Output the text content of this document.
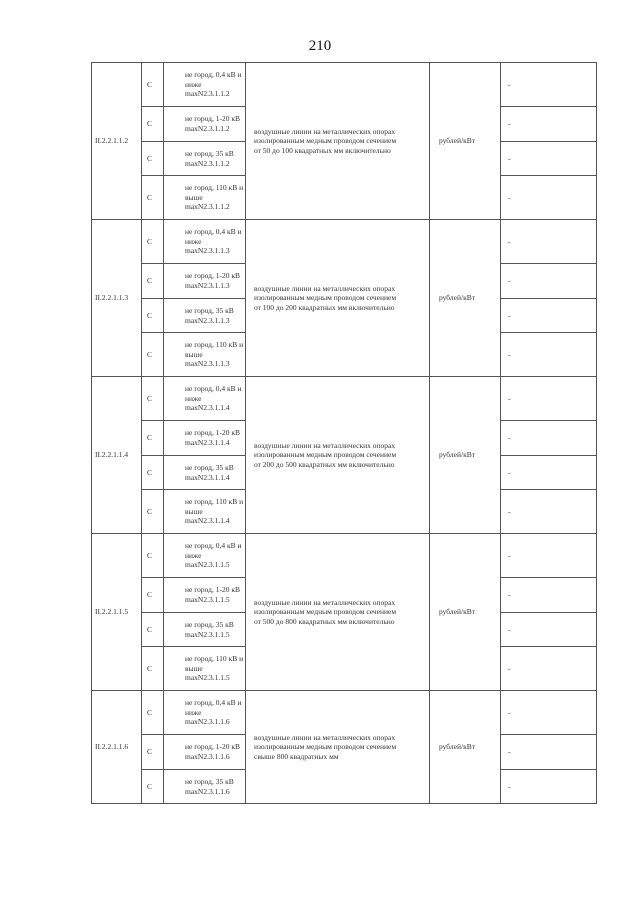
210
II.2.2.1.1.2	С	не город, 0,4 кВ и
ниже
maxN2.3.1.1.2	воздушные линии на металлических опорах
изолированным медным проводом сечением
от 50 до 100 квадратных мм включительно	рублей/кВт	-
	С	не город, 1-20 кВ
maxN2.3.1.1.2			-
	С	не город, 35 кВ
maxN2.3.1.1.2			-
	С	не город, 110 кВ и
выше
maxN2.3.1.1.2			-
II.2.2.1.1.3	С	не город, 0,4 кВ и
ниже
maxN2.3.1.1.3	воздушные линии на металлических опорах
изолированным медным проводом сечением
от 100 до 200 квадратных мм включительно	рублей/кВт	-
	С	не город, 1-20 кВ
maxN2.3.1.1.3			-
	С	не город, 35 кВ
maxN2.3.1.1.3			-
	С	не город, 110 кВ и
выше
maxN2.3.1.1.3			-
II.2.2.1.1.4	С	не город, 0,4 кВ и
ниже
maxN2.3.1.1.4	воздушные линии на металлических опорах
изолированным медным проводом сечением
от 200 до 500 квадратных мм включительно	рублей/кВт	-
	С	не город, 1-20 кВ
maxN2.3.1.1.4			-
	С	не город, 35 кВ
maxN2.3.1.1.4			-
	С	не город, 110 кВ и
выше
maxN2.3.1.1.4			-
II.2.2.1.1.5	С	не город, 0,4 кВ и
ниже
maxN2.3.1.1.5	воздушные линии на металлических опорах
изолированным медным проводом сечением
от 500 до 800 квадратных мм включительно	рублей/кВт	-
	С	не город, 1-20 кВ
maxN2.3.1.1.5			-
	С	не город, 35 кВ
maxN2.3.1.1.5			-
	С	не город, 110 кВ и
выше
maxN2.3.1.1.5			-
II.2.2.1.1.6	С	не город, 0,4 кВ и
ниже
maxN2.3.1.1.6	воздушные линии на металлических опорах
изолированным медным проводом сечением
свыше 800 квадратных мм	рублей/кВт	-
	С	не город, 1-20 кВ
maxN2.3.1.1.6			-
	С	не город, 35 кВ
maxN2.3.1.1.6			-
